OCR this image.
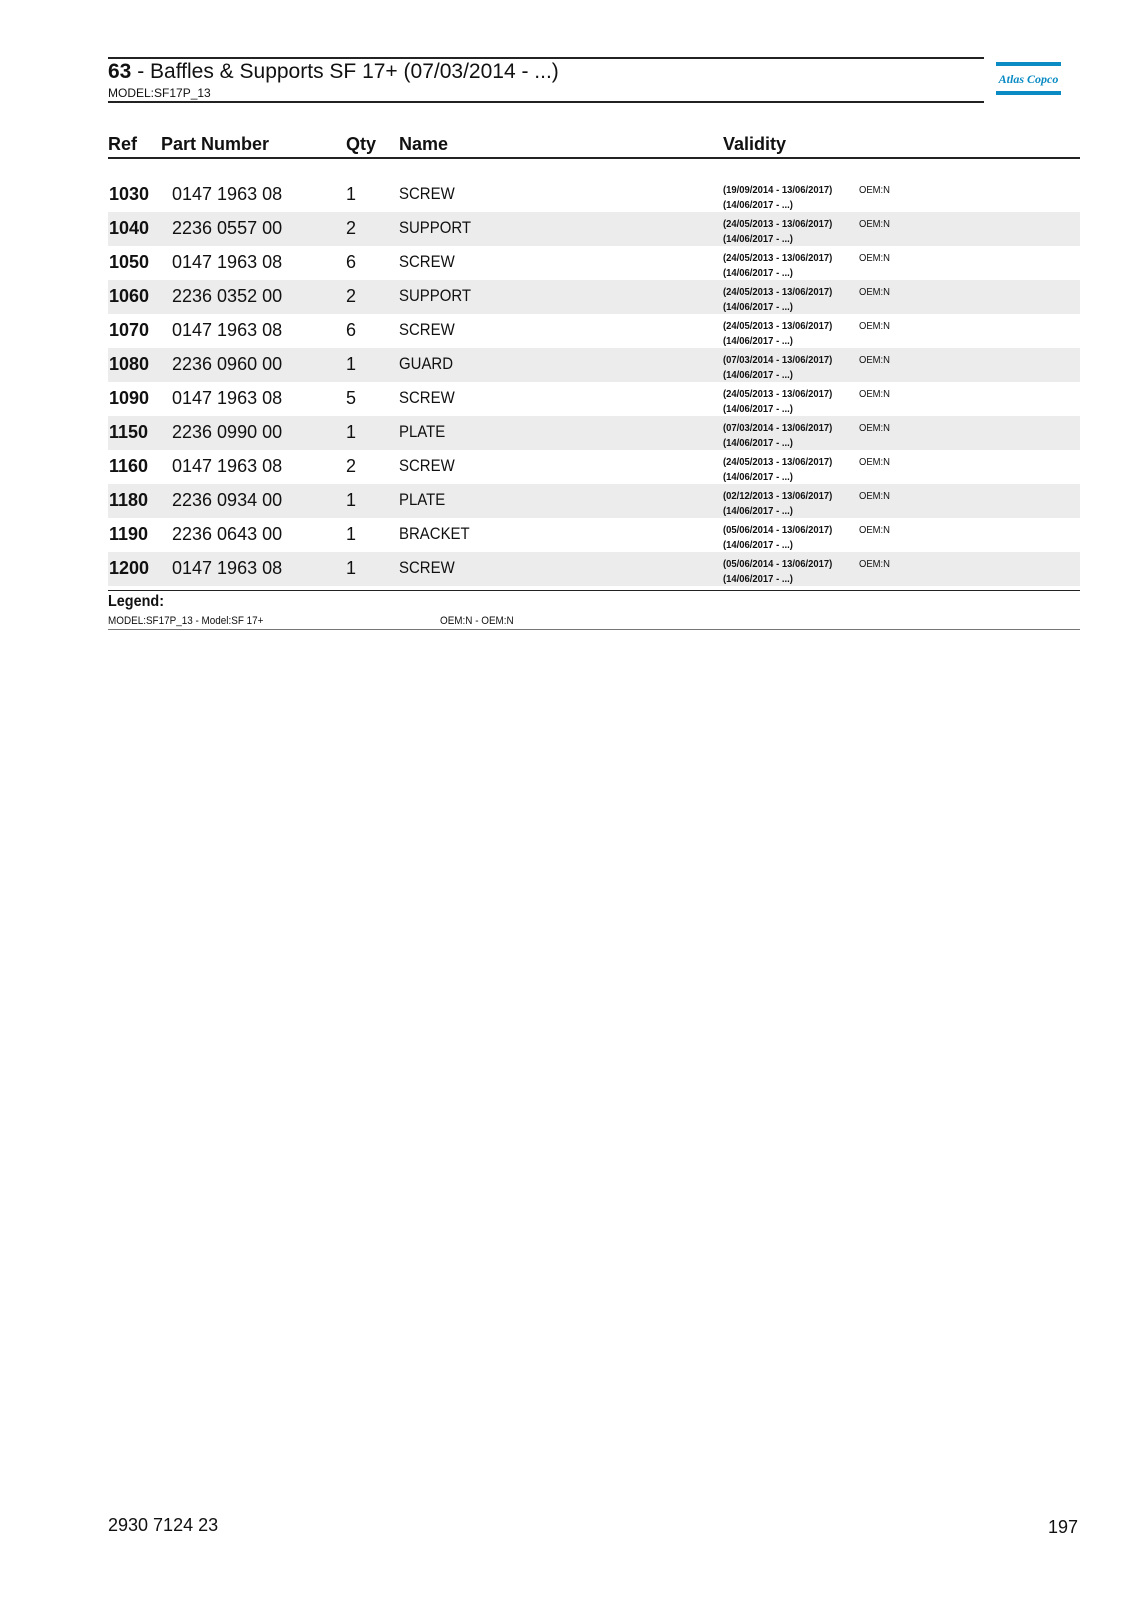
63 - Baffles & Supports SF 17+ (07/03/2014 - ...)
MODEL:SF17P_13
Atlas Copco
Ref Part Number	Qty Name	Validity
1030 0147 1963 08	1	SCREW	(19/09/2014 - 13/06/2017)	OEM:N
(14/06/2017 - ...)
1040 2236 0557 00	2	SUPPORT	(24/05/2013 - 13/06/2017)	OEM:N
(14/06/2017 - ...)
1050 0147 1963 08	6	SCREW	(24/05/2013 - 13/06/2017)	OEM:N
(14/06/2017 - ...)
1060 2236 0352 00	2	SUPPORT	(24/05/2013 - 13/06/2017)	OEM:N
(14/06/2017 - ...)
1070 0147 1963 08	6	SCREW	(24/05/2013 - 13/06/2017)	OEM:N
(14/06/2017 - ...)
1080 2236 0960 00	1	GUARD	(07/03/2014 - 13/06/2017)	OEM:N
(14/06/2017 - ...)
1090 0147 1963 08	5	SCREW	(24/05/2013 - 13/06/2017)	OEM:N
(14/06/2017 - ...)
1150 2236 0990 00	1	PLATE	(07/03/2014 - 13/06/2017)	OEM:N
(14/06/2017 - ...)
1160 0147 1963 08	2	SCREW	(24/05/2013 - 13/06/2017)	OEM:N
(14/06/2017 - ...)
1180 2236 0934 00	1	PLATE	(02/12/2013 - 13/06/2017)	OEM:N
(14/06/2017 - ...)
1190 2236 0643 00	1	BRACKET	(05/06/2014 - 13/06/2017)	OEM:N
(14/06/2017 - ...)
1200 0147 1963 08	1	SCREW	(05/06/2014 - 13/06/2017)	OEM:N
(14/06/2017 - ...)
Legend:
MODEL:SF17P_13 - Model:SF 17+	OEM:N - OEM:N
2930 7124 23	197
